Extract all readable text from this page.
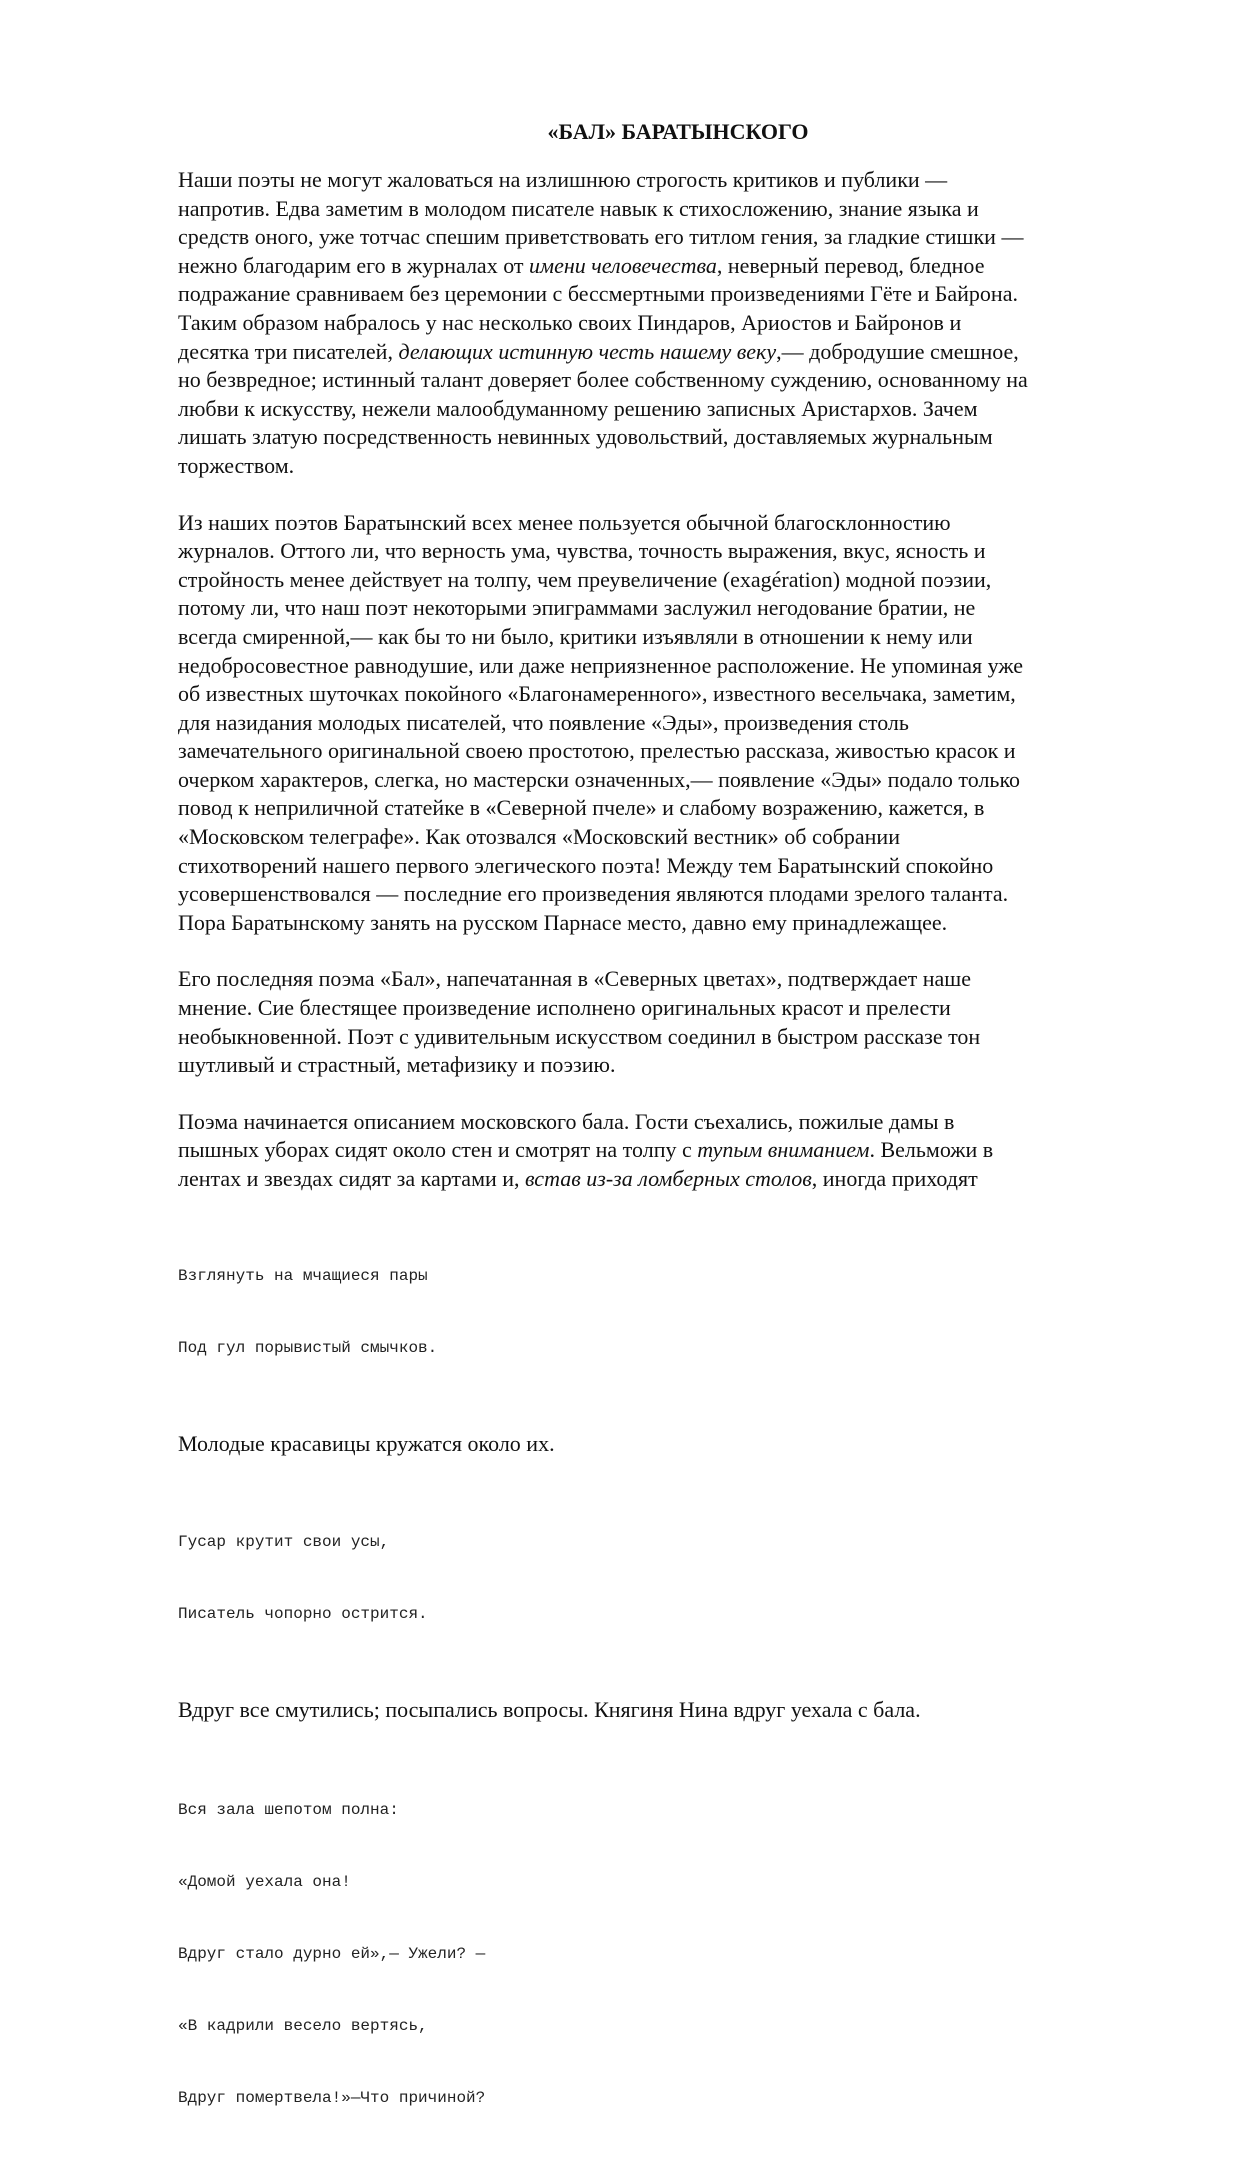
«БАЛ» БАРАТЫНСКОГО
Наши поэты не могут жаловаться на излишнюю строгость критиков и публики —
напротив. Едва заметим в молодом писателе навык к стихосложению, знание языка и
средств оного, уже тотчас спешим приветствовать его титлом гения, за гладкие стишки —
нежно благодарим его в журналах от имени человечества, неверный перевод, бледное
подражание сравниваем без церемонии с бессмертными произведениями Гёте и Байрона.
Таким образом набралось у нас несколько своих Пиндаров, Ариостов и Байронов и
десятка три писателей, делающих истинную честь нашему веку,— добродушие смешное,
но безвредное; истинный талант доверяет более собственному суждению, основанному на
любви к искусству, нежели малообдуманному решению записных Аристархов. Зачем
лишать златую посредственность невинных удовольствий, доставляемых журнальным
торжеством.
Из наших поэтов Баратынский всех менее пользуется обычной благосклонностию
журналов. Оттого ли, что верность ума, чувства, точность выражения, вкус, ясность и
стройность менее действует на толпу, чем преувеличение (exagération) модной поэзии,
потому ли, что наш поэт некоторыми эпиграммами заслужил негодование братии, не
всегда смиренной,— как бы то ни было, критики изъявляли в отношении к нему или
недобросовестное равнодушие, или даже неприязненное расположение. Не упоминая уже
об известных шуточках покойного «Благонамеренного», известного весельчака, заметим,
для назидания молодых писателей, что появление «Эды», произведения столь
замечательного оригинальной своею простотою, прелестью рассказа, живостью красок и
очерком характеров, слегка, но мастерски означенных,— появление «Эды» подало только
повод к неприличной статейке в «Северной пчеле» и слабому возражению, кажется, в
«Московском телеграфе». Как отозвался «Московский вестник» об собрании
стихотворений нашего первого элегического поэта! Между тем Баратынский спокойно
усовершенствовался — последние его произведения являются плодами зрелого таланта.
Пора Баратынскому занять на русском Парнасе место, давно ему принадлежащее.
Его последняя поэма «Бал», напечатанная в «Северных цветах», подтверждает наше
мнение. Сие блестящее произведение исполнено оригинальных красот и прелести
необыкновенной. Поэт с удивительным искусством соединил в быстром рассказе тон
шутливый и страстный, метафизику и поэзию.
Поэма начинается описанием московского бала. Гости съехались, пожилые дамы в
пышных уборах сидят около стен и смотрят на толпу с тупым вниманием. Вельможи в
лентах и звездах сидят за картами и, встав из-за ломберных столов, иногда приходят

Взглянуть на мчащиеся пары

Под гул порывистый смычков.

Молодые красавицы кружатся около их.

Гусар крутит свои усы,

Писатель чопорно острится.

Вдруг все смутились; посыпались вопросы. Княгиня Нина вдруг уехала с бала.

Вся зала шепотом полна:

«Домой уехала она!

Вдруг стало дурно ей»,— Ужели? —

«В кадрили весело вертясь,

Вдруг помертвела!»—Что причиной?
